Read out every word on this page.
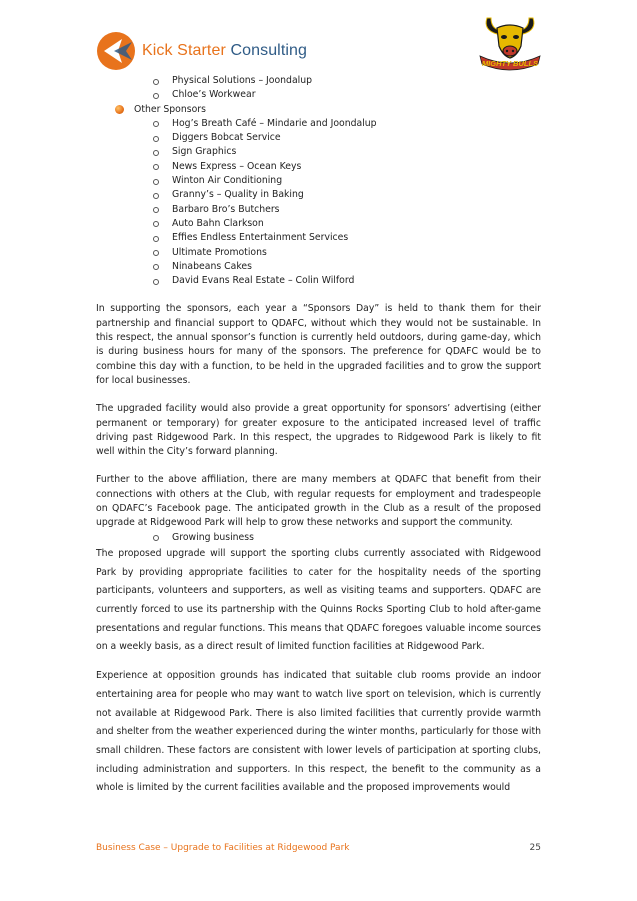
Kick Starter Consulting
MIGHTY BULLS
Physical Solutions – Joondalup
Chloe’s Workwear
Other Sponsors
Hog’s Breath Café – Mindarie and Joondalup
Diggers Bobcat Service
Sign Graphics
News Express – Ocean Keys
Winton Air Conditioning
Granny’s – Quality in Baking
Barbaro Bro’s Butchers
Auto Bahn Clarkson
Effies Endless Entertainment Services
Ultimate Promotions
Ninabeans Cakes
David Evans Real Estate – Colin Wilford

In supporting the sponsors, each year a “Sponsors Day” is held to thank them for their partnership and financial support to QDAFC, without which they would not be sustainable. In this respect, the annual sponsor’s function is currently held outdoors, during game-day, which is during business hours for many of the sponsors. The preference for QDAFC would be to combine this day with a function, to be held in the upgraded facilities and to grow the support for local businesses.

The upgraded facility would also provide a great opportunity for sponsors’ advertising (either permanent or temporary) for greater exposure to the anticipated increased level of traffic driving past Ridgewood Park. In this respect, the upgrades to Ridgewood Park is likely to fit well within the City’s forward planning.

Further to the above affiliation, there are many members at QDAFC that benefit from their connections with others at the Club, with regular requests for employment and tradespeople on QDAFC’s Facebook page. The anticipated growth in the Club as a result of the proposed upgrade at Ridgewood Park will help to grow these networks and support the community.

Growing business

The proposed upgrade will support the sporting clubs currently associated with Ridgewood Park by providing appropriate facilities to cater for the hospitality needs of the sporting participants, volunteers and supporters, as well as visiting teams and supporters. QDAFC are currently forced to use its partnership with the Quinns Rocks Sporting Club to hold after-game presentations and regular functions. This means that QDAFC foregoes valuable income sources on a weekly basis, as a direct result of limited function facilities at Ridgewood Park.

Experience at opposition grounds has indicated that suitable club rooms provide an indoor entertaining area for people who may want to watch live sport on television, which is currently not available at Ridgewood Park. There is also limited facilities that currently provide warmth and shelter from the weather experienced during the winter months, particularly for those with small children. These factors are consistent with lower levels of participation at sporting clubs, including administration and supporters. In this respect, the benefit to the community as a whole is limited by the current facilities available and the proposed improvements would

Business Case – Upgrade to Facilities at Ridgewood Park	25
